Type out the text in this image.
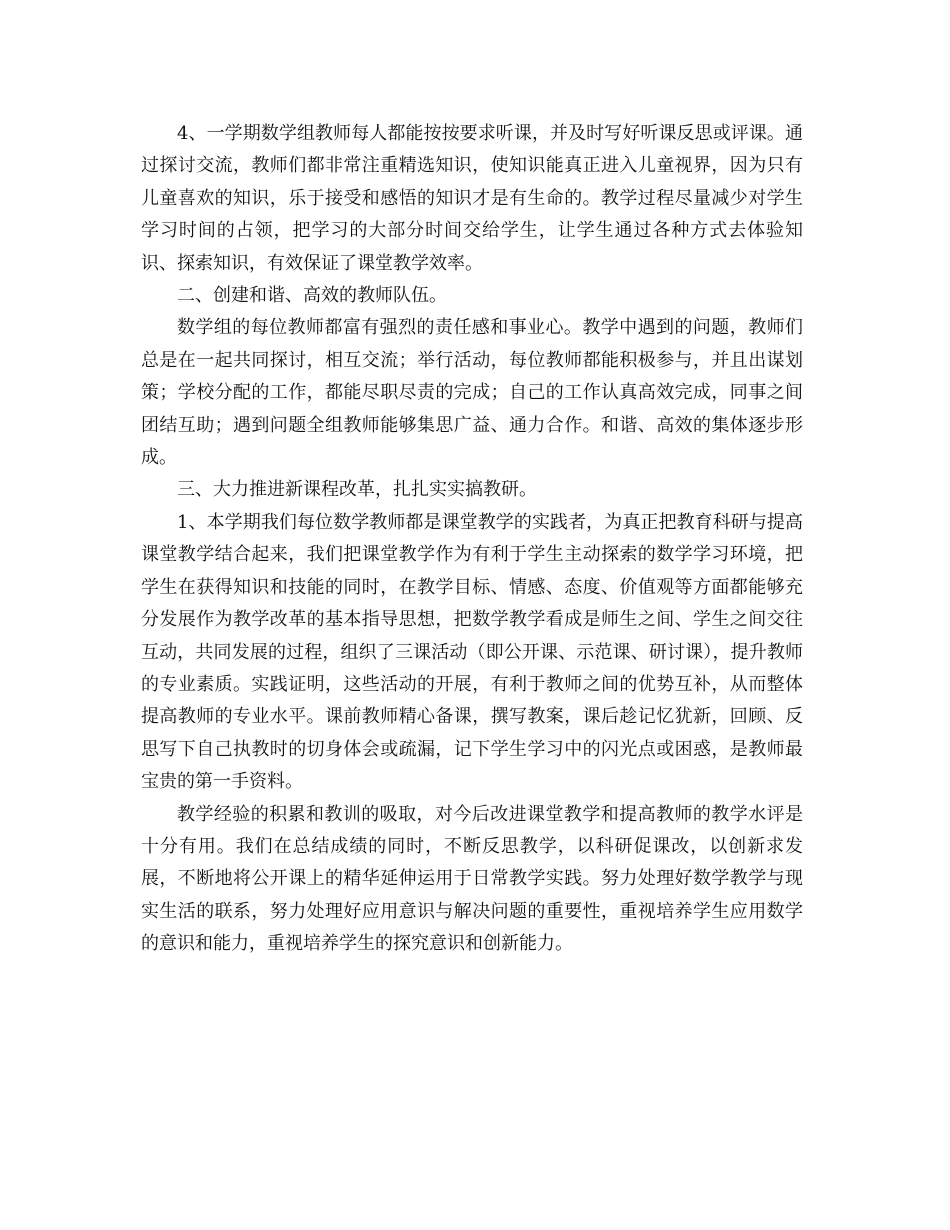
4、一学期数学组教师每人都能按按要求听课，并及时写好听课反思或评课。通过探讨交流，教师们都非常注重精选知识，使知识能真正进入儿童视界，因为只有儿童喜欢的知识，乐于接受和感悟的知识才是有生命的。教学过程尽量减少对学生学习时间的占领，把学习的大部分时间交给学生，让学生通过各种方式去体验知识、探索知识，有效保证了课堂教学效率。

二、创建和谐、高效的教师队伍。

数学组的每位教师都富有强烈的责任感和事业心。教学中遇到的问题，教师们总是在一起共同探讨，相互交流；举行活动，每位教师都能积极参与，并且出谋划策；学校分配的工作，都能尽职尽责的完成；自己的工作认真高效完成，同事之间团结互助；遇到问题全组教师能够集思广益、通力合作。和谐、高效的集体逐步形成。

三、大力推进新课程改革，扎扎实实搞教研。

1、本学期我们每位数学教师都是课堂教学的实践者，为真正把教育科研与提高课堂教学结合起来，我们把课堂教学作为有利于学生主动探索的数学学习环境，把学生在获得知识和技能的同时，在教学目标、情感、态度、价值观等方面都能够充分发展作为教学改革的基本指导思想，把数学教学看成是师生之间、学生之间交往互动，共同发展的过程，组织了三课活动（即公开课、示范课、研讨课），提升教师的专业素质。实践证明，这些活动的开展，有利于教师之间的优势互补，从而整体提高教师的专业水平。课前教师精心备课，撰写教案，课后趁记忆犹新，回顾、反思写下自己执教时的切身体会或疏漏，记下学生学习中的闪光点或困惑，是教师最宝贵的第一手资料。

教学经验的积累和教训的吸取，对今后改进课堂教学和提高教师的教学水评是十分有用。我们在总结成绩的同时，不断反思教学，以科研促课改，以创新求发展，不断地将公开课上的精华延伸运用于日常教学实践。努力处理好数学教学与现实生活的联系，努力处理好应用意识与解决问题的重要性，重视培养学生应用数学的意识和能力，重视培养学生的探究意识和创新能力。
